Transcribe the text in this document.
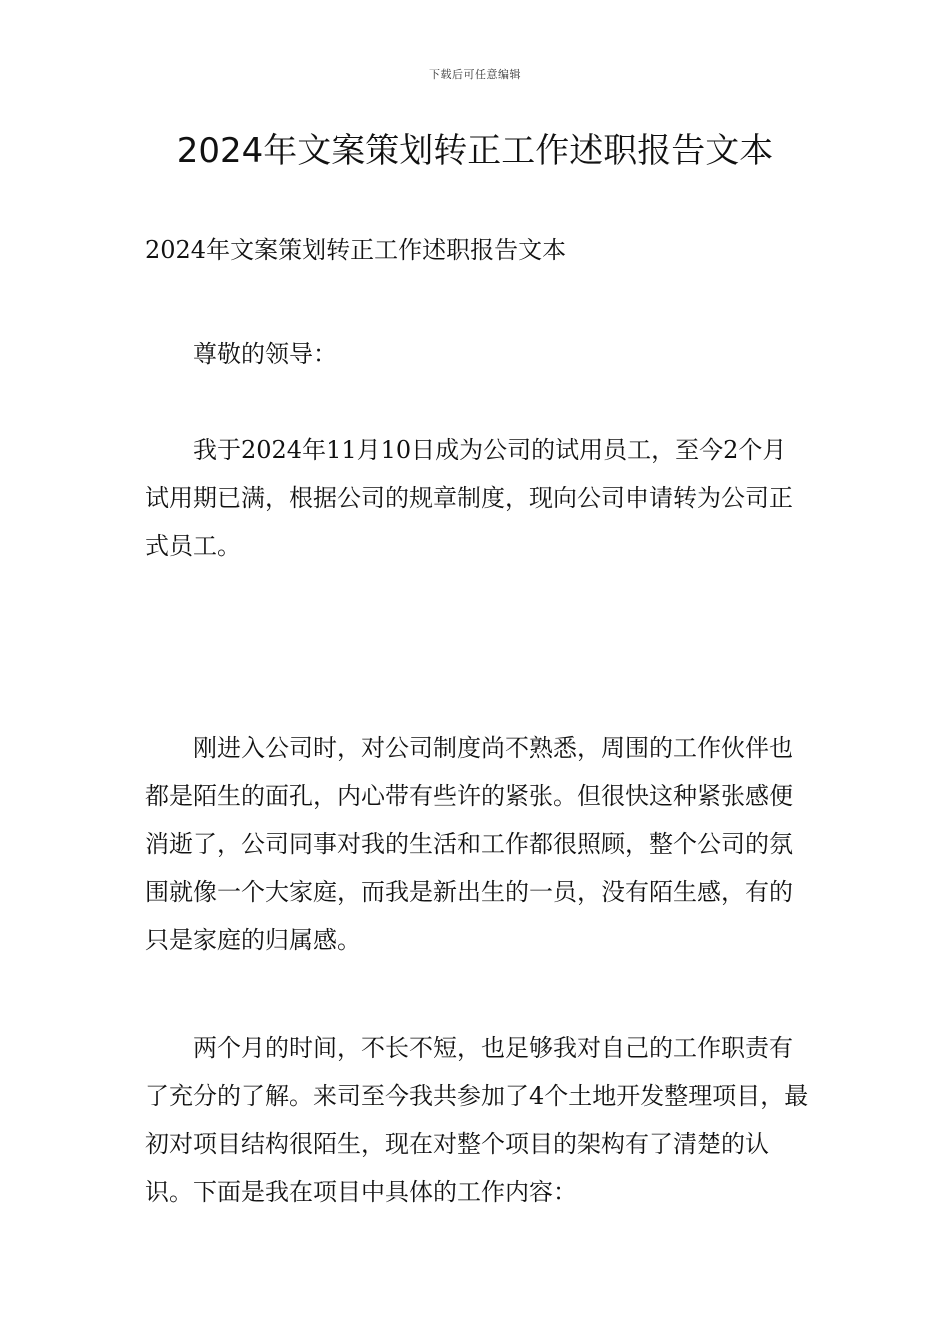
下载后可任意编辑
2024年文案策划转正工作述职报告文本

2024年文案策划转正工作述职报告文本

尊敬的领导：

我于2024年11月10日成为公司的试用员工，至今2个月试用期已满，根据公司的规章制度，现向公司申请转为公司正式员工。

刚进入公司时，对公司制度尚不熟悉，周围的工作伙伴也都是陌生的面孔，内心带有些许的紧张。但很快这种紧张感便消逝了，公司同事对我的生活和工作都很照顾，整个公司的氛围就像一个大家庭，而我是新出生的一员，没有陌生感，有的只是家庭的归属感。

两个月的时间，不长不短，也足够我对自己的工作职责有了充分的了解。来司至今我共参加了4个土地开发整理项目，最初对项目结构很陌生，现在对整个项目的架构有了清楚的认识。下面是我在项目中具体的工作内容：
